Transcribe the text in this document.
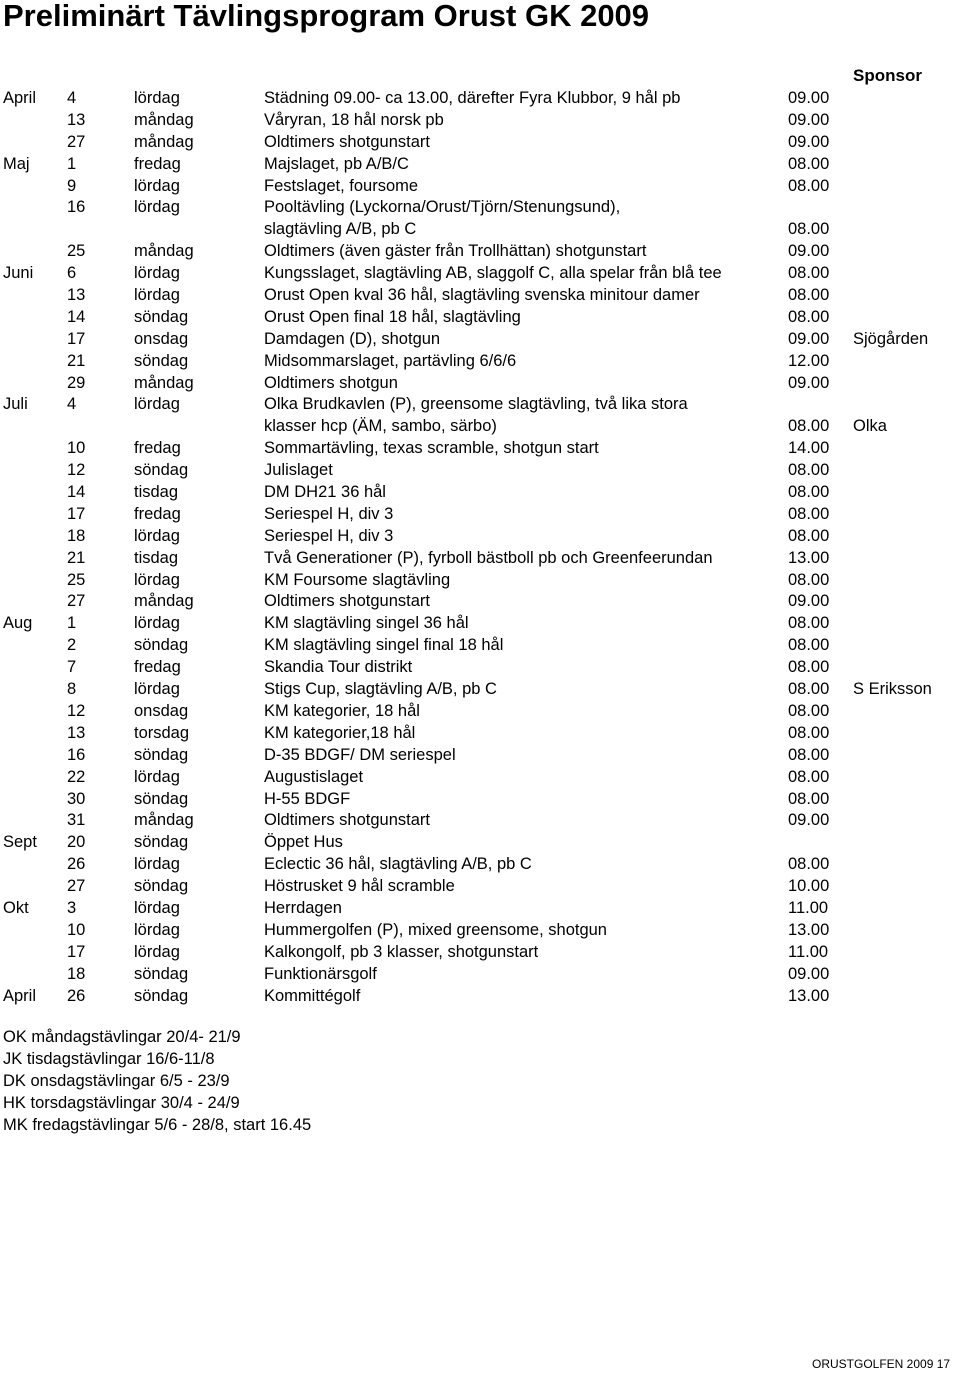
Preliminärt Tävlingsprogram Orust GK 2009
Sponsor
April 4	lördag	Städning 09.00- ca 13.00, därefter Fyra Klubbor, 9 hål pb	09.00
13	måndag	Våryran, 18 hål norsk pb	09.00
27	måndag	Oldtimers shotgunstart	09.00
Maj 1	fredag	Majslaget, pb A/B/C	08.00
9	lördag	Festslaget, foursome	08.00
16	lördag	Pooltävling (Lyckorna/Orust/Tjörn/Stenungsund),
slagtävling A/B, pb C	08.00
25	måndag	Oldtimers (även gäster från Trollhättan) shotgunstart	09.00
Juni 6	lördag	Kungsslaget, slagtävling AB, slaggolf C, alla spelar från blå tee	08.00
13	lördag	Orust Open kval 36 hål, slagtävling svenska minitour damer	08.00
14	söndag	Orust Open final 18 hål, slagtävling	08.00
17	onsdag	Damdagen (D), shotgun	09.00 Sjögården
21	söndag	Midsommarslaget, partävling 6/6/6	12.00
29	måndag	Oldtimers shotgun	09.00
Juli 4	lördag	Olka Brudkavlen (P), greensome slagtävling, två lika stora
klasser hcp (ÄM, sambo, särbo)	08.00 Olka
10	fredag	Sommartävling, texas scramble, shotgun start	14.00
12	söndag	Julislaget	08.00
14	tisdag	DM DH21 36 hål	08.00
17	fredag	Seriespel H, div 3	08.00
18	lördag	Seriespel H, div 3	08.00
21	tisdag	Två Generationer (P), fyrboll bästboll pb och Greenfeerundan	13.00
25	lördag	KM Foursome slagtävling	08.00
27	måndag	Oldtimers shotgunstart	09.00
Aug 1	lördag	KM slagtävling singel 36 hål	08.00
2	söndag	KM slagtävling singel final 18 hål	08.00
7	fredag	Skandia Tour distrikt	08.00
8	lördag	Stigs Cup, slagtävling A/B, pb C	08.00 S Eriksson
12	onsdag	KM kategorier, 18 hål	08.00
13	torsdag	KM kategorier,18 hål	08.00
16	söndag	D-35 BDGF/ DM seriespel	08.00
22	lördag	Augustislaget	08.00
30	söndag	H-55 BDGF	08.00
31	måndag	Oldtimers shotgunstart	09.00
Sept 20	söndag	Öppet Hus
26	lördag	Eclectic 36 hål, slagtävling A/B, pb C	08.00
27	söndag	Höstrusket 9 hål scramble	10.00
Okt 3	lördag	Herrdagen	11.00
10	lördag	Hummergolfen (P), mixed greensome, shotgun	13.00
17	lördag	Kalkongolf, pb 3 klasser, shotgunstart	11.00
18	söndag	Funktionärsgolf	09.00
April 26	söndag	Kommittégolf	13.00
OK måndagstävlingar 20/4- 21/9
JK tisdagstävlingar 16/6-11/8
DK onsdagstävlingar 6/5 - 23/9
HK torsdagstävlingar 30/4 - 24/9
MK fredagstävlingar 5/6 - 28/8, start 16.45
ORUSTGOLFEN 2009 17
